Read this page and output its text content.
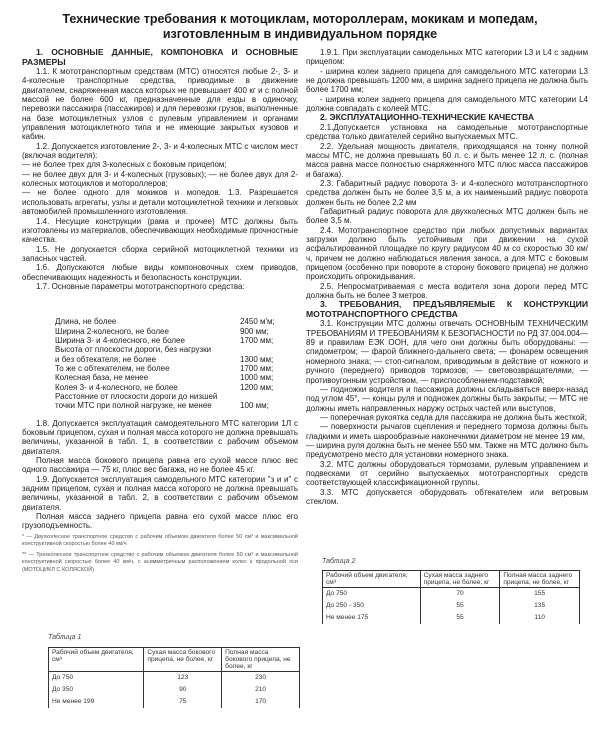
Технические требования к мотоциклам, мотороллерам, мокикам и мопедам,
изготовленным в индивидуальном порядке
1. ОСНОВНЫЕ ДАННЫЕ, КОМПОНОВКА И ОСНОВНЫЕ РАЗМЕРЫ

1.1. К мототранспортным средствам (МТС) относятся любые 2-, 3- и 4-колесные транспортные средства, приводимые в движение двигателем, снаряженная масса которых не превышает 400 кг и с полной массой не более 600 кг, предназначенные для езды в одиночку, перевозки пассажира (пассажиров) и для перевозки грузов, выполненные на базе мотоциклетных узлов с рулевым управлением и органами управления мотоциклетного типа и не имеющие закрытых кузовов и кабин.

1.2. Допускается изготовление 2-, 3- и 4-колесных МТС с числом мест (включая водителя):

— не более трех для 3-колесных с боковым прицепом;

— не более двух для 3- и 4-колесных (грузовых); — не более двух для 2-колесных мотоциклов и мотороллеров;

— не более одного для мокиков и мопедов. 1.3. Разрешается использовать агрегаты, узлы и детали мотоциклетной техники и легковых автомобилей промышленного изготовления.

1.4. Несущие конструкции (рама и прочее) МТС должны быть изготовлены из материалов, обеспечивающих необходимые прочностные качества.

1.5. Не допускается сборка серийной мотоциклетной техники из запасных частей.

1.6. Допускаются любые виды компоновочных схем приводов, обеспечивающих надежность и безопасность конструкции.

1.7. Основные параметры мототранспортного средства:

Длина, не более	2450 м'м;
Ширина 2-колесного, не более	900 мм;
Ширина 3- и 4-колесного, не более	1700 мм;
Высота от плоскости дороги, без нагрузки
и без обтекателя, не более	1300 мм;
То же с обтекателем, не более	1700 мм;
Колесная база, не менее	1000 мм;
Колея 3- и 4-колесного, не более	1200 мм;
Расстояние от плоскости дороги до низшей
точки МТС при полной нагрузке, не менее	100 мм;

1.8. Допускается эксплуатация самодеятельного МТС категории 1Л с боковым прицепом, сухая и полная масса которого не должна превышать величины, указанной в табл. 1, в соответствии с рабочим объемом двигателя.

Полная масса бокового прицепа равна его сухой массе плюс вес одного пассажира — 75 кг, плюс вес багажа, но не более 45 кг.

1.9. Допускается эксплуатация самодельного МТС категории "з и и" с задним прицепом, сухая и полная масса которого не должна превышать величины, указанной в табл. 2, в соответствии с рабочим объемом двигателя.

Полная масса заднего прицепа равна его сухой массе плюс его грузоподъемность.

* — Двухколесное транспортное средство с рабочим объемом двигателя более 50 см³ и максимальной конструктивной скоростью более 40 км/ч

** — Трехколесное транспортное средство с рабочим объемом двигателя более 50 см³ и максимальной конструктивной скоростью более 40 км/ч, с асимметричным расположением колес к продольной оси (МОТОЦИКЛ С КОЛЯСКОЙ)

1.9.1. При эксплуатации самодельных МТС категории L3 и L4 с задним прицепом:

- ширина колеи заднего прицепа для самодельного МТС категории L3 не должна превышать 1200 мм, а ширина заднего прицепа не должна быть более 1700 мм;

- ширина колеи заднего прицепа для самодельного МТС категории L4 должна совпадать с колеей МТС.

2. ЭКСПЛУАТАЦИОННО-ТЕХНИЧЕСКИЕ КАЧЕСТВА

2.1.Допускается установка на самодельные мототранспортные средства только двигателей серийно выпускаемых МТС.

2.2. Удельная мощность двигателя, приходящаяся на тонну полной массы МТС, не должна превышать 60 л. с. и быть менее 12 л. с. (полная масса равна массе полностью снаряженного МТС плюс масса пассажиров и багажа).

2.3. Габаритный радиус поворота 3- и 4-колесного мототранспортного средства должен быть не более 3,5 м, а их наименьший радиус поворота должен быть не более 2,2 мм

Габаритный радиус поворота для двухколесных МТС должен быть не более 3,5 м.

2.4. Мототранспортное средство при любых допустимых вариантах загрузки должно быть устойчивым при движении на сухой асфальтированной площадке по кругу радиусом 40 м со скоростью 30 км/ч, причем не должно наблюдаться явления заноса, а для МТС с боковым прицепом (особенно при повороте в сторону бокового прицепа) не должно происходить опрокидывания.

2.5. Непросматриваемая с места водителя зона дороги перед МТС должна быть не более 3 метров.

3. ТРЕБОВАНИЯ, ПРЕДЪЯВЛЯЕМЫЕ К КОНСТРУКЦИИ МОТОТРАНСПОРТНОГО СРЕДСТВА

3.1. Конструкции МТС должны отвечать ОСНОВНЫМ ТЕХНИЧЕСКИМ ТРЕБОВАНИЯМ И ТРЕБОВАНИЯМ К БЕЗОПАСНОСТИ по РД 37.004.004—89 и правилам ЕЭК ООН, для чего они должны быть оборудованы: — спидометром; — фарой ближнего-дальнего света; — фонарем освещения номерного знака; — стоп-сигналом, приводимым в действие от ножного и ручного (переднего) приводов тормозов; — световозвращателями, — противоугонным устройством, — приспособлением-подставкой;

— подножки водителя и пассажира должны складываться вверх-назад под углом 45°, — концы руля и подножек должны быть закрыты; — МТС не должны иметь направленных наружу острых частей или выступов,

— поперечная рукоятка седла для пассажира не должна быть жесткой;

— поверхности рычагов сцепления и переднего тормоза должны быть гладкими и иметь шарообразные наконечники диаметром не менее 19 мм,

— ширина руля должна быть не менее 550 мм. Также на МТС должно быть предусмотрено место для установки номерного знака.

3.2. МТС должны оборудоваться тормозами, рулевым управлением и подвесками от серийно выпускаемых мототранспортных средств соответствующей классификационной группы.

3.3. МТС допускается оборудовать обтекателем или ветровым стеклом.

Таблица 2
Рабочий объем двигателя, см³	Сухая масса заднего прицепа, не более, кг	Полная масса заднего прицепа, не более, кг
До 750	70	155
До 250 - 350	55	135
Не менее 175	55	110
Таблица 1
Рабочий объем двигателя, см³	Сухая масса бокового прицепа, не более, кг	Полная масса бокового прицепа, не более, кг
До 750	123	230
До 350	90	210
Не менее 199	75	170
